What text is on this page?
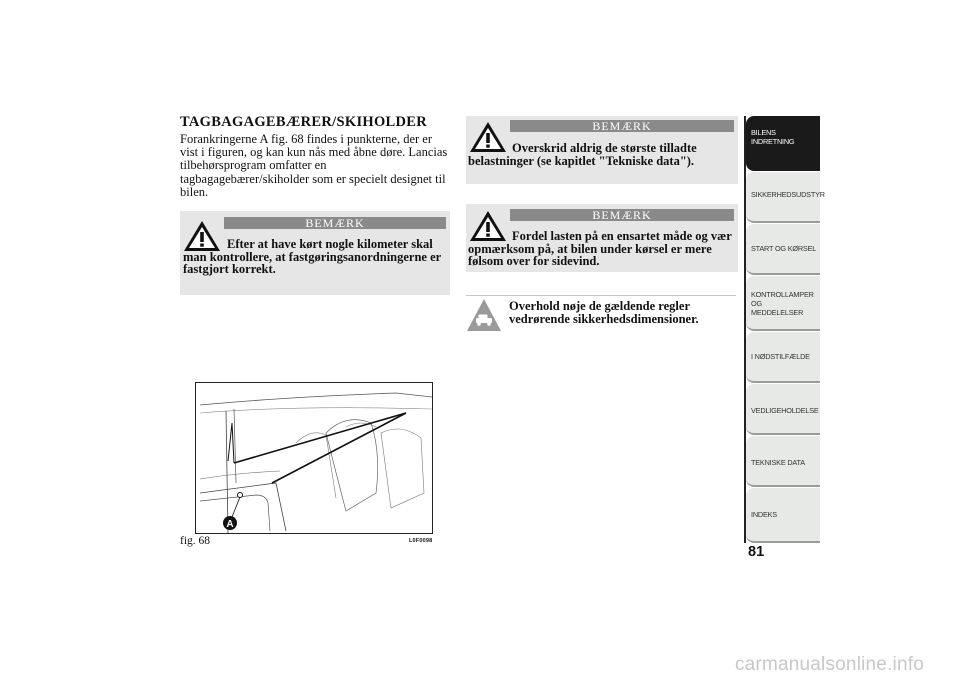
TAGBAGAGEBÆRER/SKIHOLDER
Forankringerne A fig. 68 findes i punkterne, der er vist i figuren, og kan kun nås med åbne døre. Lancias tilbehørsprogram omfatter en tagbagagebærer/skiholder som er specielt designet til bilen.
BEMÆRK
Efter at have kørt nogle kilometer skal man kontrollere, at fastgøringsanordningerne er fastgjort korrekt.
BEMÆRK
Overskrid aldrig de største tilladte belastninger (se kapitlet "Tekniske data").
BEMÆRK
Fordel lasten på en ensartet måde og vær opmærksom på, at bilen under kørsel er mere følsom over for sidevind.
Overhold nøje de gældende regler vedrørende sikkerhedsdimensioner.
A
fig. 68	L0F0098
BILENS INDRETNING
SIKKERHEDSUDSTYR
START OG KØRSEL
KONTROLLAMPER OG MEDDELELSER
I NØDSTILFÆLDE
VEDLIGEHOLDELSE
TEKNISKE DATA
INDEKS
81
carmanualsonline.info
